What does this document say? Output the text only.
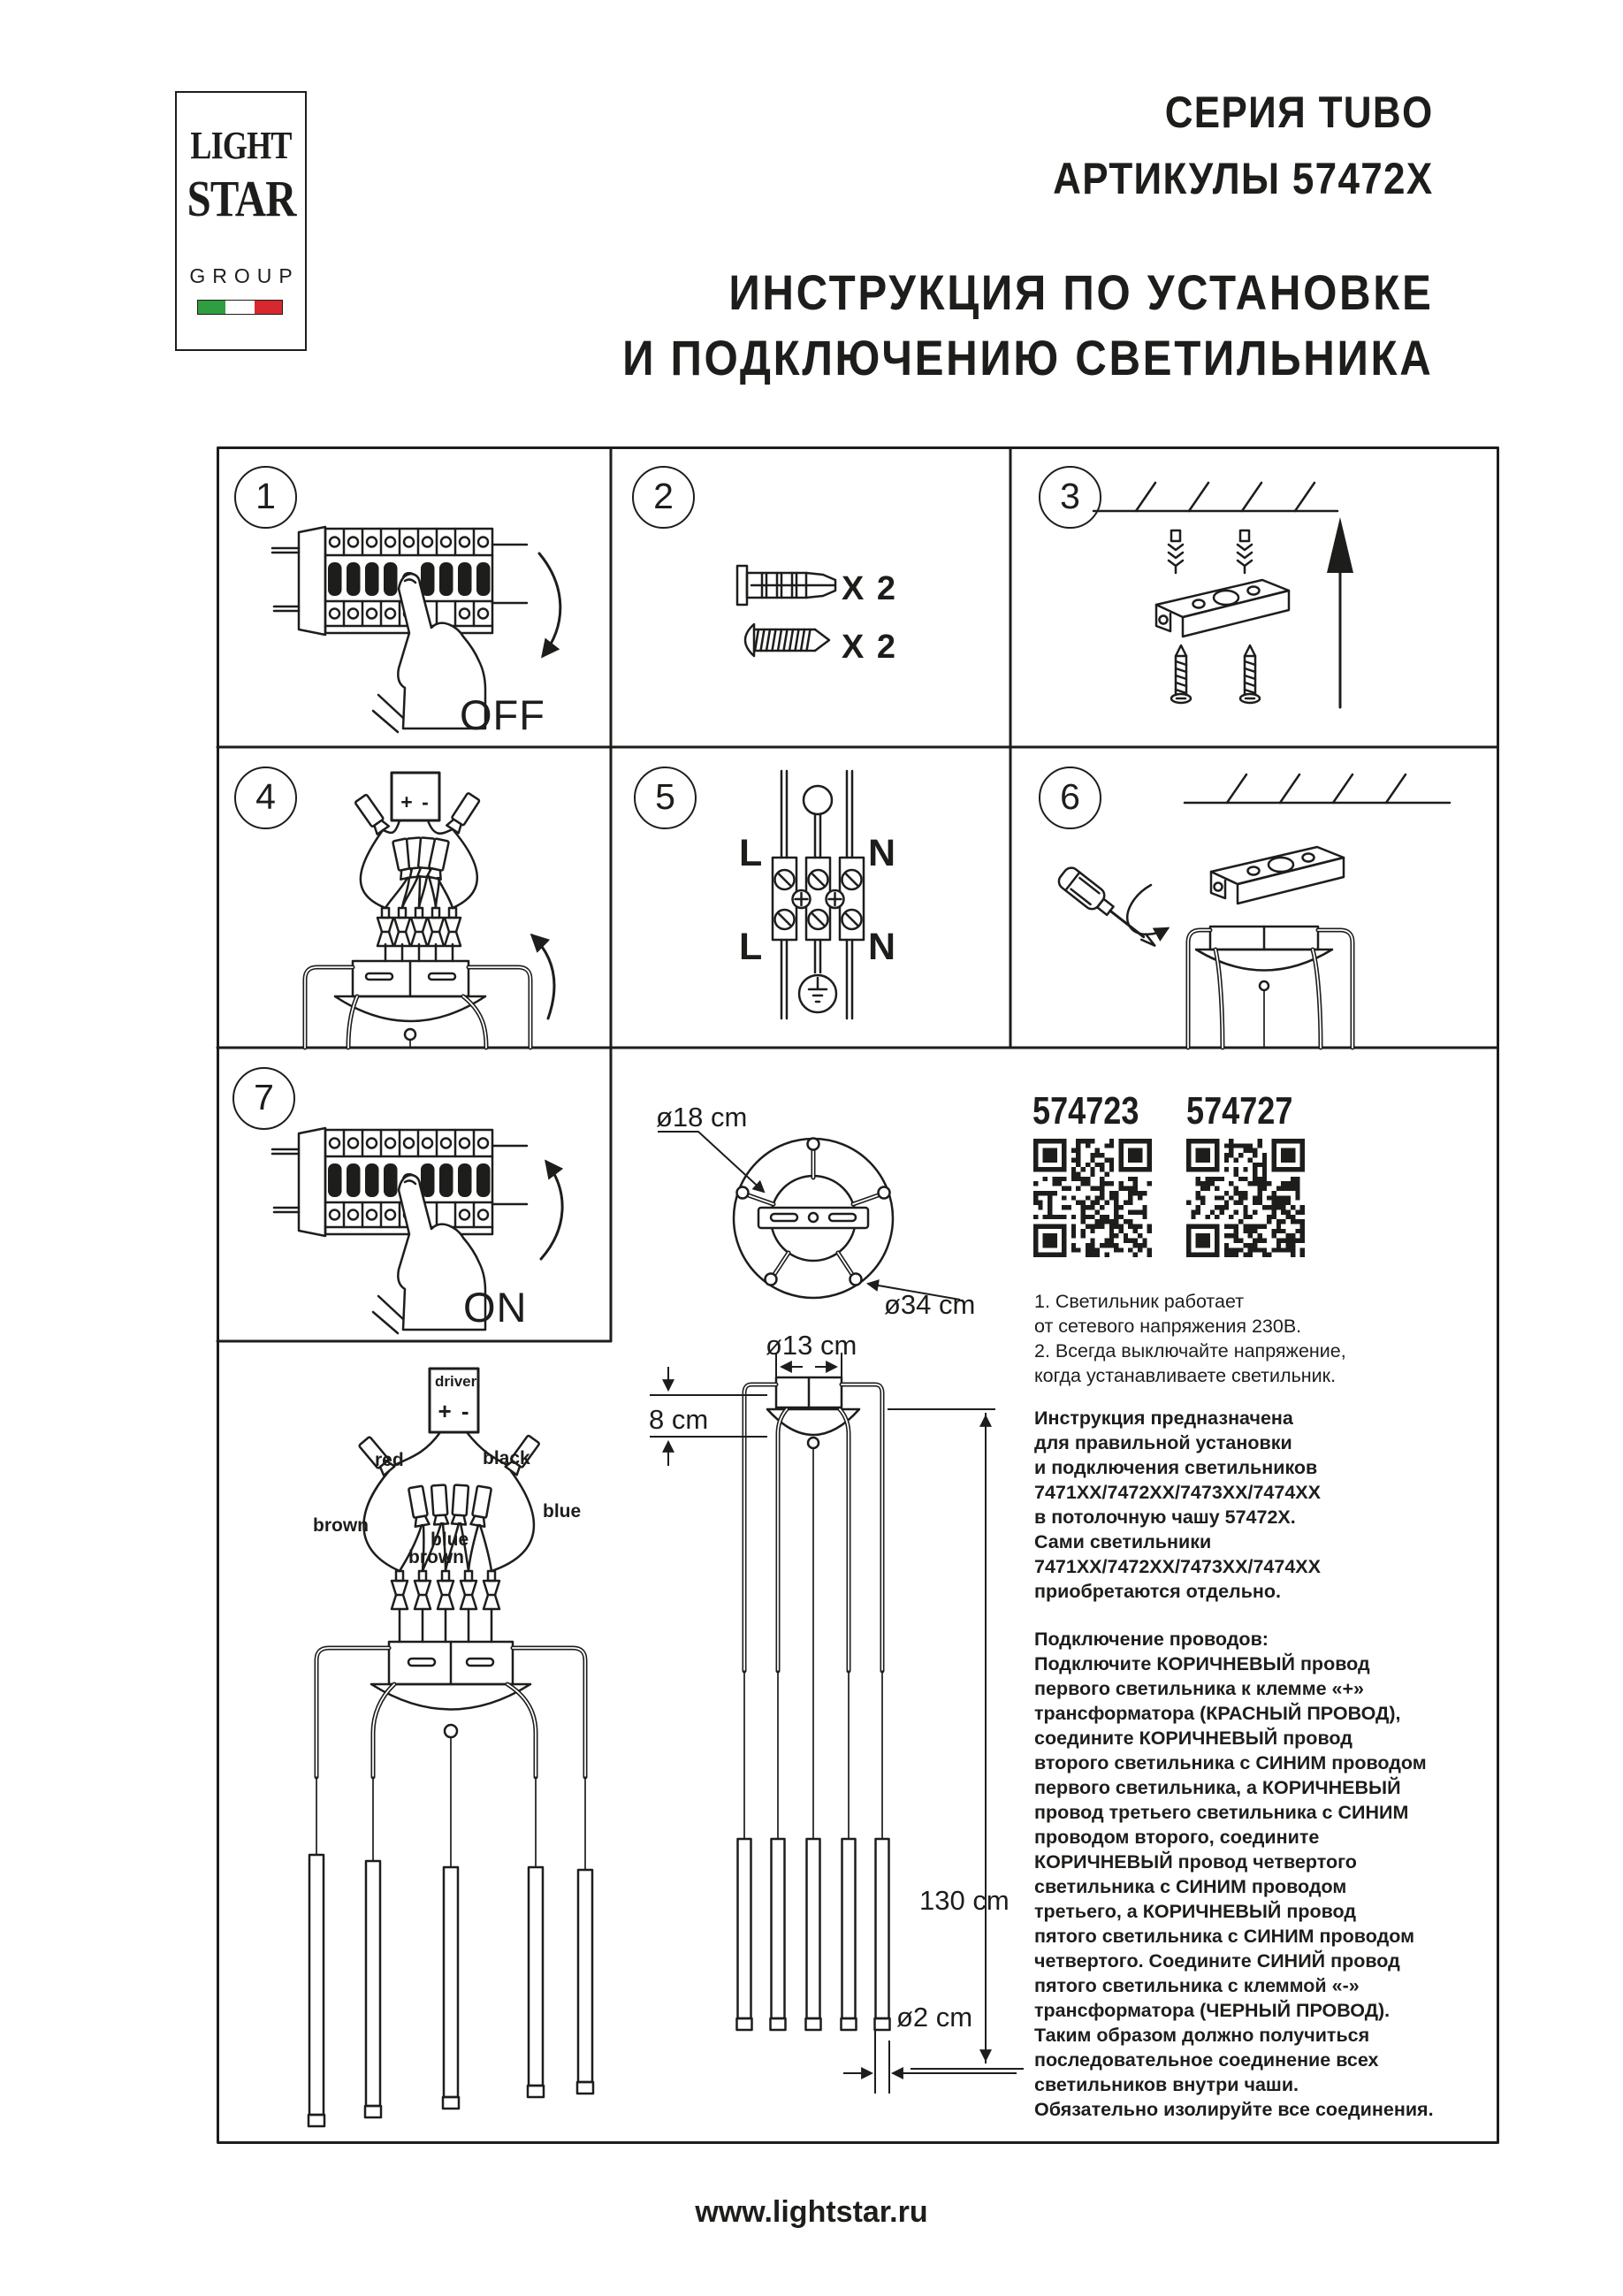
LIGHT
STAR
GROUP
СЕРИЯ TUBO
АРТИКУЛЫ 57472X
ИНСТРУКЦИЯ ПО УСТАНОВКЕ
И ПОДКЛЮЧЕНИЮ СВЕТИЛЬНИКА
1	2	3
4	5	6
7
OFF
ON
X 2
X 2
+ -
L	N
L	N
driver
+ -
red	black
brown
blue
blue
brown
ø18 cm
ø34 cm
ø13 cm
8 cm
130 cm
ø2 cm
574723 574727
1. Светильник работает
от сетевого напряжения 230В.
2. Всегда выключайте напряжение,
когда устанавливаете светильник.
Инструкция предназначена
для правильной установки
и подключения светильников
7471XX/7472XX/7473XX/7474XX
в потолочную чашу 57472X.
Сами светильники
7471XX/7472XX/7473XX/7474XX
приобретаются отдельно.
Подключение проводов:
Подключите КОРИЧНЕВЫЙ провод
первого светильника к клемме «+»
трансформатора (КРАСНЫЙ ПРОВОД),
соедините КОРИЧНЕВЫЙ провод
второго светильника с СИНИМ проводом
первого светильника, а КОРИЧНЕВЫЙ
провод третьего светильника с СИНИМ
проводом второго, соедините
КОРИЧНЕВЫЙ провод четвертого
светильника с СИНИМ проводом
третьего, а КОРИЧНЕВЫЙ провод
пятого светильника с СИНИМ проводом
четвертого. Соедините СИНИЙ провод
пятого светильника с клеммой «-»
трансформатора (ЧЕРНЫЙ ПРОВОД).
Таким образом должно получиться
последовательное соединение всех
светильников внутри чаши.
Обязательно изолируйте все соединения.
www.lightstar.ru
